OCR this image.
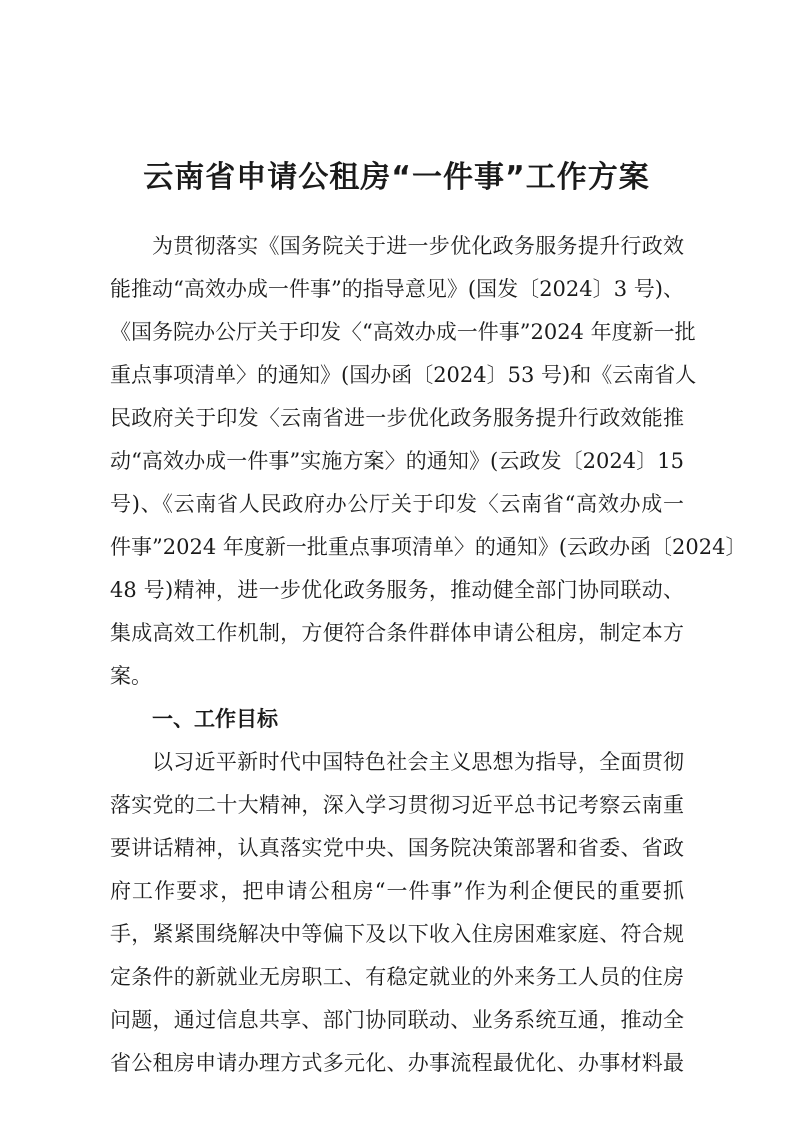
云南省申请公租房“一件事”工作方案

为贯彻落实《国务院关于进一步优化政务服务提升行政效

能推动“高效办成一件事”的指导意见》(国发〔2024〕3 号)、

《国务院办公厅关于印发〈“高效办成一件事”2024 年度新一批

重点事项清单〉的通知》(国办函〔2024〕53 号)和《云南省人

民政府关于印发〈云南省进一步优化政务服务提升行政效能推

动“高效办成一件事”实施方案〉的通知》(云政发〔2024〕15

号)、《云南省人民政府办公厅关于印发〈云南省“高效办成一

件事”2024 年度新一批重点事项清单〉的通知》(云政办函〔2024〕

48 号)精神，进一步优化政务服务，推动健全部门协同联动、

集成高效工作机制，方便符合条件群体申请公租房，制定本方

案。

一、工作目标

以习近平新时代中国特色社会主义思想为指导，全面贯彻

落实党的二十大精神，深入学习贯彻习近平总书记考察云南重

要讲话精神，认真落实党中央、国务院决策部署和省委、省政

府工作要求，把申请公租房“一件事”作为利企便民的重要抓

手，紧紧围绕解决中等偏下及以下收入住房困难家庭、符合规

定条件的新就业无房职工、有稳定就业的外来务工人员的住房

问题，通过信息共享、部门协同联动、业务系统互通，推动全

省公租房申请办理方式多元化、办事流程最优化、办事材料最
